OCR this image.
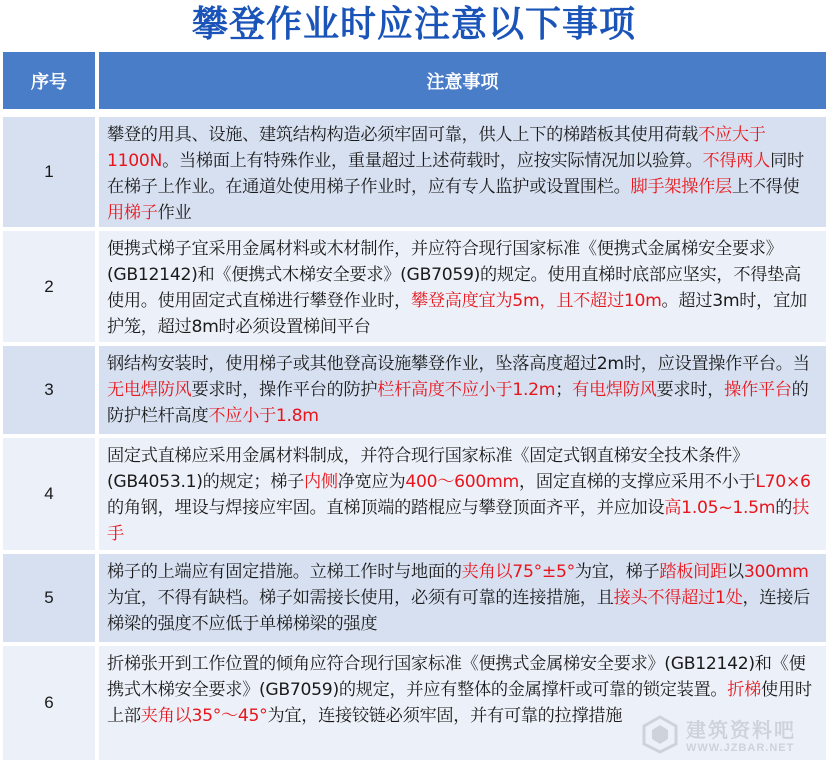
攀登作业时应注意以下事项
序号	注意事项
1
攀登的用具、设施、建筑结构构造必须牢固可靠，供人上下的梯踏板其使用荷载不应大于1100N。当梯面上有特殊作业，重量超过上述荷载时，应按实际情况加以验算。不得两人同时在梯子上作业。在通道处使用梯子作业时，应有专人监护或设置围栏。脚手架操作层上不得使用梯子作业
2
便携式梯子宜采用金属材料或木材制作，并应符合现行国家标准《便携式金属梯安全要求》(GB12142)和《便携式木梯安全要求》(GB7059)的规定。使用直梯时底部应坚实，不得垫高使用。使用固定式直梯进行攀登作业时，攀登高度宜为5m，且不超过10m。超过3m时，宜加护笼，超过8m时必须设置梯间平台
3
钢结构安装时，使用梯子或其他登高设施攀登作业，坠落高度超过2m时，应设置操作平台。当无电焊防风要求时，操作平台的防护栏杆高度不应小于1.2m；有电焊防风要求时，操作平台的防护栏杆高度不应小于1.8m
4
固定式直梯应采用金属材料制成，并符合现行国家标准《固定式钢直梯安全技术条件》(GB4053.1)的规定；梯子内侧净宽应为400～600mm，固定直梯的支撑应采用不小于L70×6的角钢，埋设与焊接应牢固。直梯顶端的踏棍应与攀登顶面齐平，并应加设高1.05~1.5m的扶手
5
梯子的上端应有固定措施。立梯工作时与地面的夹角以75°±5°为宜，梯子踏板间距以300mm为宜，不得有缺档。梯子如需接长使用，必须有可靠的连接措施，且接头不得超过1处，连接后梯梁的强度不应低于单梯梯梁的强度
6
折梯张开到工作位置的倾角应符合现行国家标准《便携式金属梯安全要求》(GB12142)和《便携式木梯安全要求》(GB7059)的规定，并应有整体的金属撑杆或可靠的锁定装置。折梯使用时上部夹角以35°～45°为宜，连接铰链必须牢固，并有可靠的拉撑措施
建筑资料吧
WWW.JZBAR.NET
